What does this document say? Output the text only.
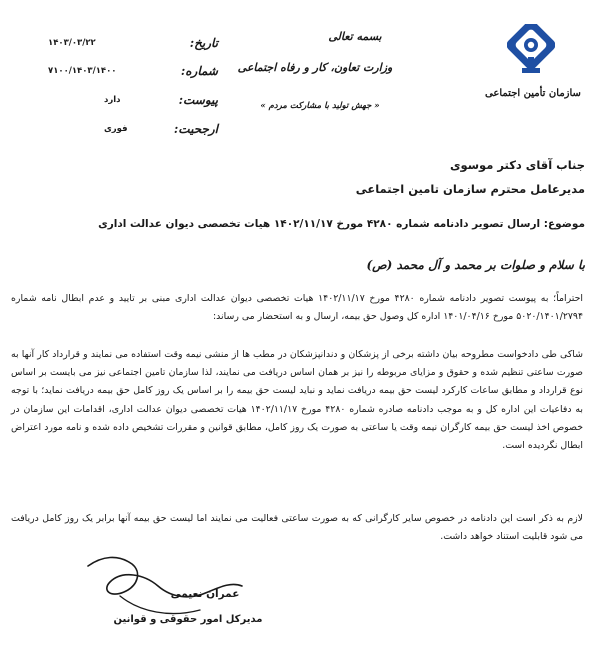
سازمان تأمین اجتماعی
بسمه تعالی
وزارت تعاون، کار و رفاه اجتماعی
« جهش تولید با مشارکت مردم »
تاریخ:
۱۴۰۳/۰۳/۲۲
شماره:
۷۱۰۰/۱۴۰۳/۱۴۰۰
پیوست:
دارد
ارجحیت:
فوری
جناب آقای دکتر موسوی
مدیرعامل محترم سازمان تامین اجتماعی
موضوع: ارسال تصویر دادنامه شماره ۴۲۸۰ مورخ ۱۴۰۲/۱۱/۱۷ هیات تخصصی دیوان عدالت اداری
با سلام و صلوات بر محمد و آل محمد (ص)
احتراماً؛ به پیوست تصویر دادنامه شماره ۴۲۸۰ مورخ ۱۴۰۲/۱۱/۱۷ هیات تخصصی دیوان عدالت اداری مبنی بر تایید و عدم ابطال نامه شماره ۵۰۲۰/۱۴۰۱/۲۷۹۴ مورخ ۱۴۰۱/۰۴/۱۶ اداره کل وصول حق بیمه، ارسال و به استحضار می رساند:
شاکی طی دادخواست مطروحه بیان داشته برخی از پزشکان و دندانپزشکان در مطب ها از منشی نیمه وقت استفاده می نمایند و قرارداد کار آنها به صورت ساعتی تنظیم شده و حقوق و مزایای مربوطه را نیز بر همان اساس دریافت می نمایند، لذا سازمان تامین اجتماعی نیز می بایست بر اساس نوع قرارداد و مطابق ساعات کارکرد لیست حق بیمه دریافت نماید و نباید لیست حق بیمه را بر اساس یک روز کامل حق بیمه دریافت نماید؛ با توجه به دفاعیات این اداره کل و به موجب دادنامه صادره شماره ۴۲۸۰ مورخ ۱۴۰۲/۱۱/۱۷ هیات تخصصی دیوان عدالت اداری، اقدامات این سازمان در خصوص اخذ لیست حق بیمه کارگران نیمه وقت یا ساعتی به صورت یک روز کامل، مطابق قوانین و مقررات تشخیص داده شده و نامه مورد اعتراض ابطال نگردیده است.
لازم به ذکر است این دادنامه در خصوص سایر کارگرانی که به صورت ساعتی فعالیت می نمایند اما لیست حق بیمه آنها برابر یک روز کامل دریافت می شود قابلیت استناد خواهد داشت.
عمران نعیمی
مدیرکل امور حقوقی و قوانین
